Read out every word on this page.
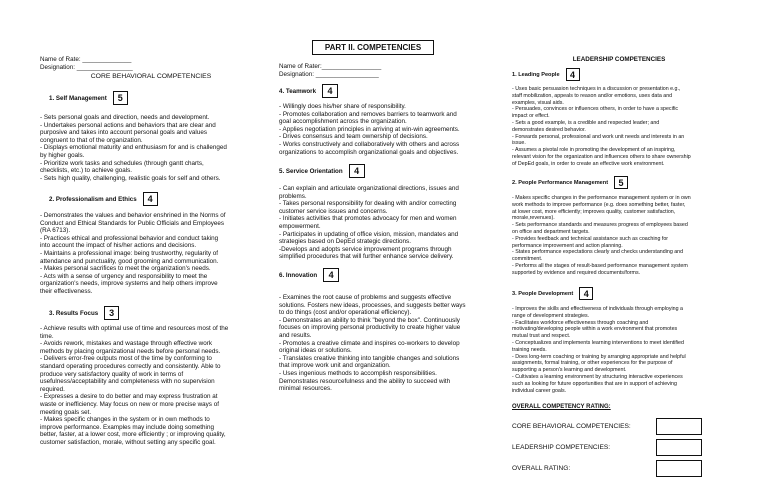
Name of Rate: ______________

Designation: ________________

CORE BEHAVIORAL COMPETENCIES

1. Self Management	5

- Sets personal goals and direction, needs and development.

- Undertakes personal actions and behaviors that are clear and

purposive and takes into account personal goals and values

congruent to that of the organization.

- Displays emotional maturity and enthusiasm for and is challenged

by higher goals.

- Prioritize work tasks and schedules (through gantt charts,

checklists, etc.) to achieve goals.

- Sets high quality, challenging, realistic goals for self and others.

2. Professionalism and Ethics	4

- Demonstrates the values and behavior enshrined in the Norms of

Conduct and Ethical Standards for Public Officials and Employees

(RA 6713).

- Practices ethical and professional behavior and conduct taking

into account the impact of his/her actions and decisions.

- Maintains a professional image: being trustworthy, regularity of

attendance and punctuality, good grooming and communication.

- Makes personal sacrifices to meet the organization's needs.

- Acts with a sense of urgency and responsibility to meet the

organization's needs, improve systems and help others improve

their effectiveness.

3. Results Focus	3

- Achieve results with optimal use of time and resources most of the

time.

- Avoids rework, mistakes and wastage through effective work

methods by placing organizational needs before personal needs.

- Delivers error-free outputs most of the time by conforming to

standard operating procedures correctly and consistently. Able to

produce very satisfactory quality of work in terms of

usefulness/acceptability and completeness with no supervision

required.

- Expresses a desire to do better and may express frustration at

waste or inefficiency. May focus on new or more precise ways of

meeting goals set.

- Makes specific changes in the system or in own methods to

improve performance. Examples may include doing something

better, faster, at a lower cost, more efficiently ; or improving quality,

customer satisfaction, morale, without setting any specific goal.

PART II. COMPETENCIES

Name of Rater:_________________

Designation: __________________

4. Teamwork	4

- Willingly does his/her share of responsibility.

- Promotes collaboration and removes barriers to teamwork and

goal accomplishment across the organization.

- Applies negotiation principles in arriving at win-win agreements.

- Drives consensus and team ownership of decisions.

- Works constructively and collaboratively with others and across

organizations to accomplish organizational goals and objectives.

5. Service Orientation	4

- Can explain and articulate organizational directions, issues and

problems.

- Takes personal responsibility for dealing with and/or correcting

customer service issues and concerns.

- Initiates activities that promotes advocacy for men and women

empowerment.

- Participates in updating of office vision, mission, mandates and

strategies based on DepEd strategic directions.

-Develops and adopts service improvement programs through

simplified procedures that will further enhance service delivery.

6. Innovation	4

- Examines the root cause of problems and suggests effective

solutions. Fosters new ideas, processes, and suggests better ways

to do things (cost and/or operational efficiency).

- Demonstrates an ability to think "beyond the box". Continuously

focuses on improving personal productivity to create higher value

and results.

- Promotes a creative climate and inspires co-workers to develop

original ideas or solutions.

- Translates creative thinking into tangible changes and solutions

that improve work unit and organization.

- Uses ingenious methods to accomplish responsibilities.

Demonstrates resourcefulness and the ability to succeed with

minimal resources.

LEADERSHIP COMPETENCIES

1. Leading People	4

- Uses basic persuasion techniques in a discussion or presentation e.g.,

staff mobilization, appeals to reason and/or emotions, uses data and

examples, visual aids.

- Persuades, convinces or influences others, in order to have a specific

impact or effect.

- Sets a good example, is a credible and respected leader; and

demonstrates desired behavior.

- Forwards personal, professional and work unit needs and interests in an

issue.

- Assumes a pivotal role in promoting the development of an inspiring,

relevant vision for the organization and influences others to share ownership

of DepEd goals, in order to create an effective work environment.

2. People Performance Management	5

- Makes specific changes in the performance management system or in own

work methods to improve performance (e.g. does something better, faster,

at lower cost, more efficiently; improves quality, customer satisfaction,

morale,revenues).

- Sets performance standards and measures progress of employees based

on office and department targets.

- Provides feedback and technical assistance such as coaching for

performance improvement and action planning.

- States performance expectations clearly and checks understanding and

commitment.

- Performs all the stages of result-based performance management system

supported by evidence and required documents/forms.

3. People Development	4

- Improves the skills and effectiveness of individuals through employing a

range of development strategies.

- Facilitates workforce effectiveness through coaching and

motivating/developing people within a work environment that promotes

mutual trust and respect.

- Conceptualizes and implements learning interventions to meet identified

training needs.

- Does long-term coaching or training by arranging appropriate and helpful

assignments, formal training, or other experiences for the purpose of

supporting a person's learning and development.

- Cultivates a learning environment by structuring interactive experiences

such as looking for future opportunities that are in support of achieving

individual career goals.

OVERALL COMPETENCY RATING:

CORE BEHAVIORAL COMPETENCIES:
LEADERSHIP COMPETENCIES:
OVERALL RATING:
